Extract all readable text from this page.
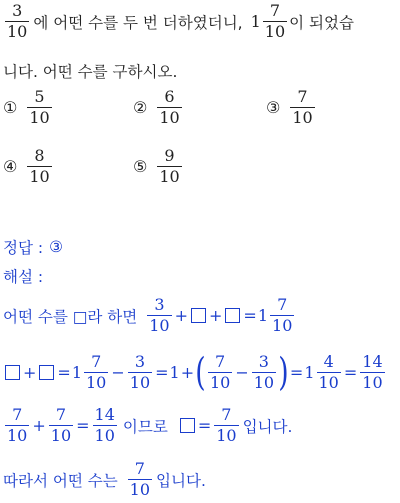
$\frac{3}{10}$ 에 어떤 수를 두 번 더하였더니, $1 \frac{7}{10}$ 이 되었습
니다. 어떤 수를 구하시오.
① $\frac{5}{10}$	② $\frac{6}{10}$	③ $\frac{7}{10}$
④ $\frac{8}{10}$	⑤ $\frac{9}{10}$
정답 : ③
해설 :
어떤 수를 □라 하면 $\frac{3}{10}$ + + = $1 \frac{7}{10}$
+ = $1 \frac{7}{10} - \frac{3}{10} = 1$ + ( $\frac{7}{10} - \frac{3}{10}$ ) = $1 \frac{4}{10} = \frac{14}{10}$
$\frac{7}{10} + \frac{7}{10} = \frac{14}{10}$ 이므로 = $\frac{7}{10}$ 입니다.
따라서 어떤 수는 $\frac{7}{10}$ 입니다.
